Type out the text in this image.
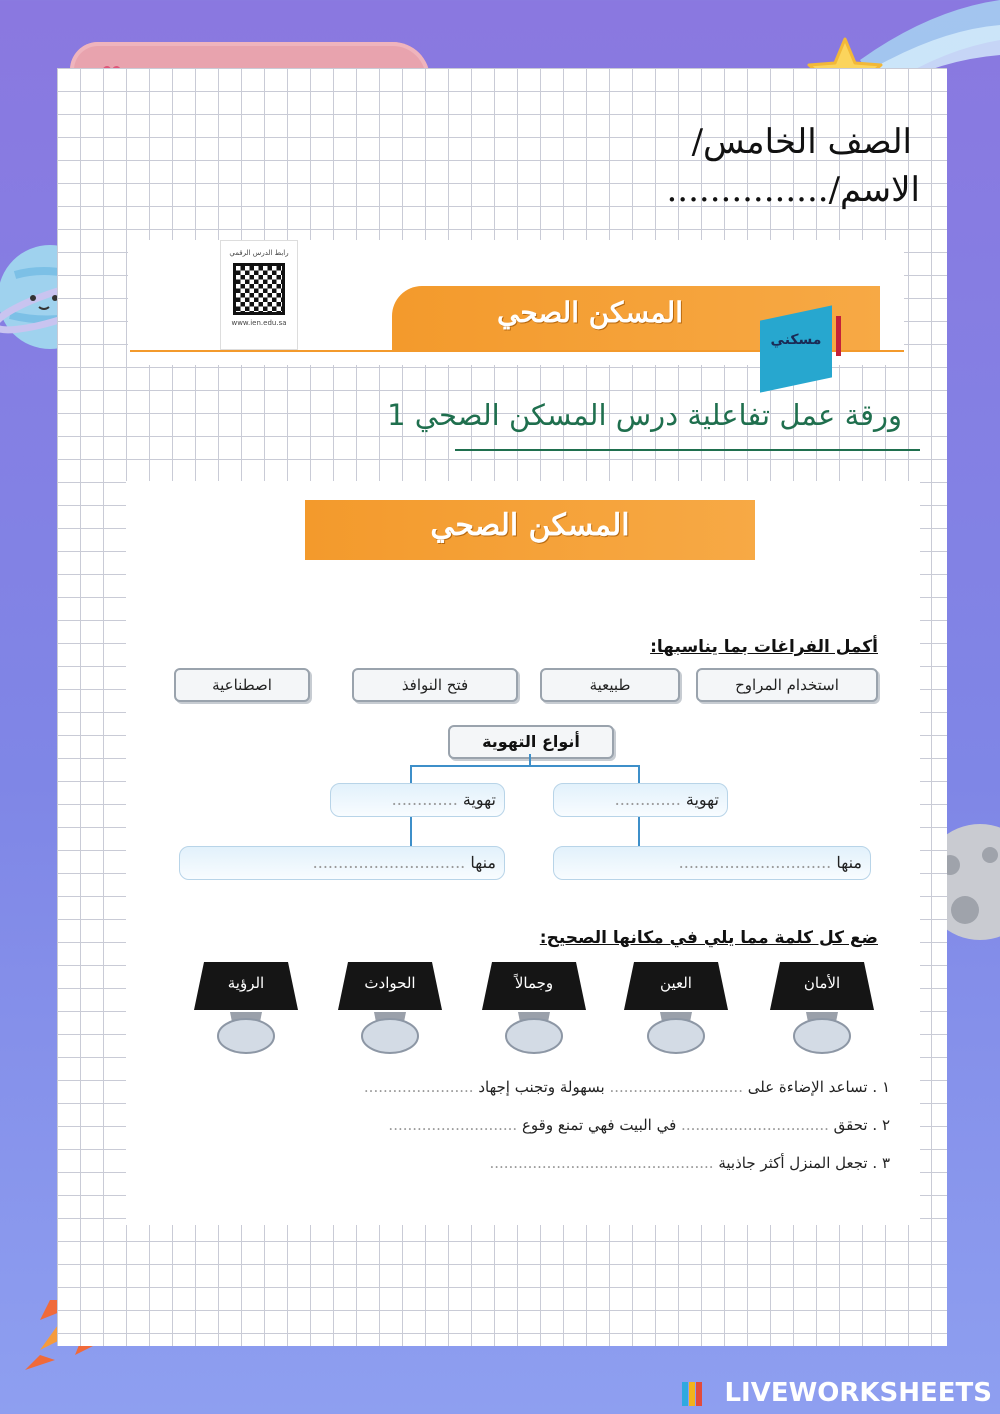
الصف الخامس/
الاسم/...............
رابط الدرس الرقمي
www.ien.edu.sa	المسكن الصحي
مسكني
ورقة عمل تفاعلية درس المسكن الصحي 1
المسكن الصحي
أكمل الفراغات بما يناسبها:
استخدام المراوح
طبيعية
فتح النوافذ
اصطناعية
أنواع التهوية
تهوية .............	تهوية .............
منها ..............................	منها ..............................
ضع كل كلمة مما يلي في مكانها الصحيح:
الأمان
العين
وجمالاً
الحوادث
الرؤية
١ . تساعد الإضاءة على ............................ بسهولة وتجنب إجهاد .......................
٢ . تحقق ............................... في البيت فهي تمنع وقوع ...........................
٣ . تجعل المنزل أكثر جاذبية ...............................................
LIVEWORKSHEETS
